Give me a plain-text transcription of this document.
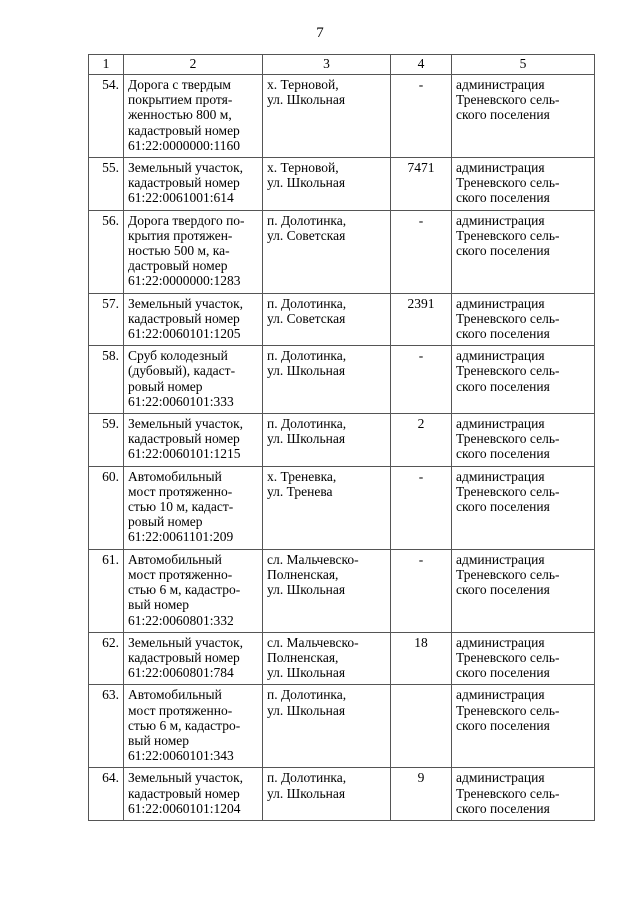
7
1	2	3	4	5
54.	Дорога с твердым
покрытием протя-
женностью 800 м,
кадастровый номер
61:22:0000000:1160	х. Терновой,
ул. Школьная	-	администрация
Треневского сель-
ского поселения

55.	Земельный участок,
кадастровый номер
61:22:0061001:614	х. Терновой,
ул. Школьная	7471	администрация
Треневского сель-
ского поселения

56.	Дорога твердого по-
крытия протяжен-
ностью 500 м, ка-
дастровый номер
61:22:0000000:1283	п. Долотинка,
ул. Советская	-	администрация
Треневского сель-
ского поселения

57.	Земельный участок,
кадастровый номер
61:22:0060101:1205	п. Долотинка,
ул. Советская	2391	администрация
Треневского сель-
ского поселения

58.	Сруб колодезный
(дубовый), кадаст-
ровый номер
61:22:0060101:333	п. Долотинка,
ул. Школьная	-	администрация
Треневского сель-
ского поселения

59.	Земельный участок,
кадастровый номер
61:22:0060101:1215	п. Долотинка,
ул. Школьная	2	администрация
Треневского сель-
ского поселения

60.	Автомобильный
мост протяженно-
стью 10 м, кадаст-
ровый номер
61:22:0061101:209	х. Треневка,
ул. Тренева	-	администрация
Треневского сель-
ского поселения

61.	Автомобильный
мост протяженно-
стью 6 м, кадастро-
вый номер
61:22:0060801:332	сл. Мальчевско-
Полненская,
ул. Школьная	-	администрация
Треневского сель-
ского поселения

62.	Земельный участок,
кадастровый номер
61:22:0060801:784	сл. Мальчевско-
Полненская,
ул. Школьная	18	администрация
Треневского сель-
ского поселения

63.	Автомобильный
мост протяженно-
стью 6 м, кадастро-
вый номер
61:22:0060101:343	п. Долотинка,
ул. Школьная		администрация
Треневского сель-
ского поселения

64.	Земельный участок,
кадастровый номер
61:22:0060101:1204	п. Долотинка,
ул. Школьная	9	администрация
Треневского сель-
ского поселения
